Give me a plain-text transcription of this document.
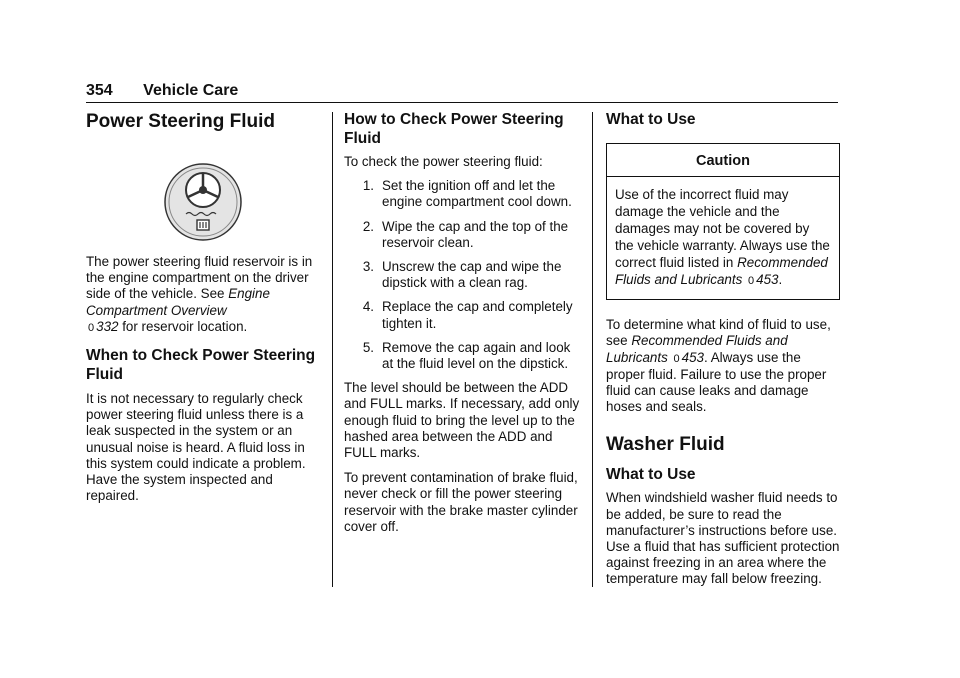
354 Vehicle Care
Power Steering Fluid

The power steering fluid reservoir is in the engine compartment on the driver side of the vehicle. See Engine Compartment Overview
0 332 for reservoir location.

When to Check Power Steering Fluid

It is not necessary to regularly check power steering fluid unless there is a leak suspected in the system or an unusual noise is heard. A fluid loss in this system could indicate a problem. Have the system inspected and repaired.

How to Check Power Steering Fluid

To check the power steering fluid:

1. Set the ignition off and let the engine compartment cool down.
2. Wipe the cap and the top of the reservoir clean.
3. Unscrew the cap and wipe the dipstick with a clean rag.
4. Replace the cap and completely tighten it.
5. Remove the cap again and look at the fluid level on the dipstick.

The level should be between the ADD and FULL marks. If necessary, add only enough fluid to bring the level up to the hashed area between the ADD and FULL marks.

To prevent contamination of brake fluid, never check or fill the power steering reservoir with the brake master cylinder cover off.

What to Use
Caution
Use of the incorrect fluid may damage the vehicle and the damages may not be covered by the vehicle warranty. Always use the correct fluid listed in Recommended Fluids and Lubricants 0 453.

To determine what kind of fluid to use, see Recommended Fluids and Lubricants 0 453. Always use the proper fluid. Failure to use the proper fluid can cause leaks and damage hoses and seals.

Washer Fluid
What to Use

When windshield washer fluid needs to be added, be sure to read the manufacturer’s instructions before use. Use a fluid that has sufficient protection against freezing in an area where the temperature may fall below freezing.
